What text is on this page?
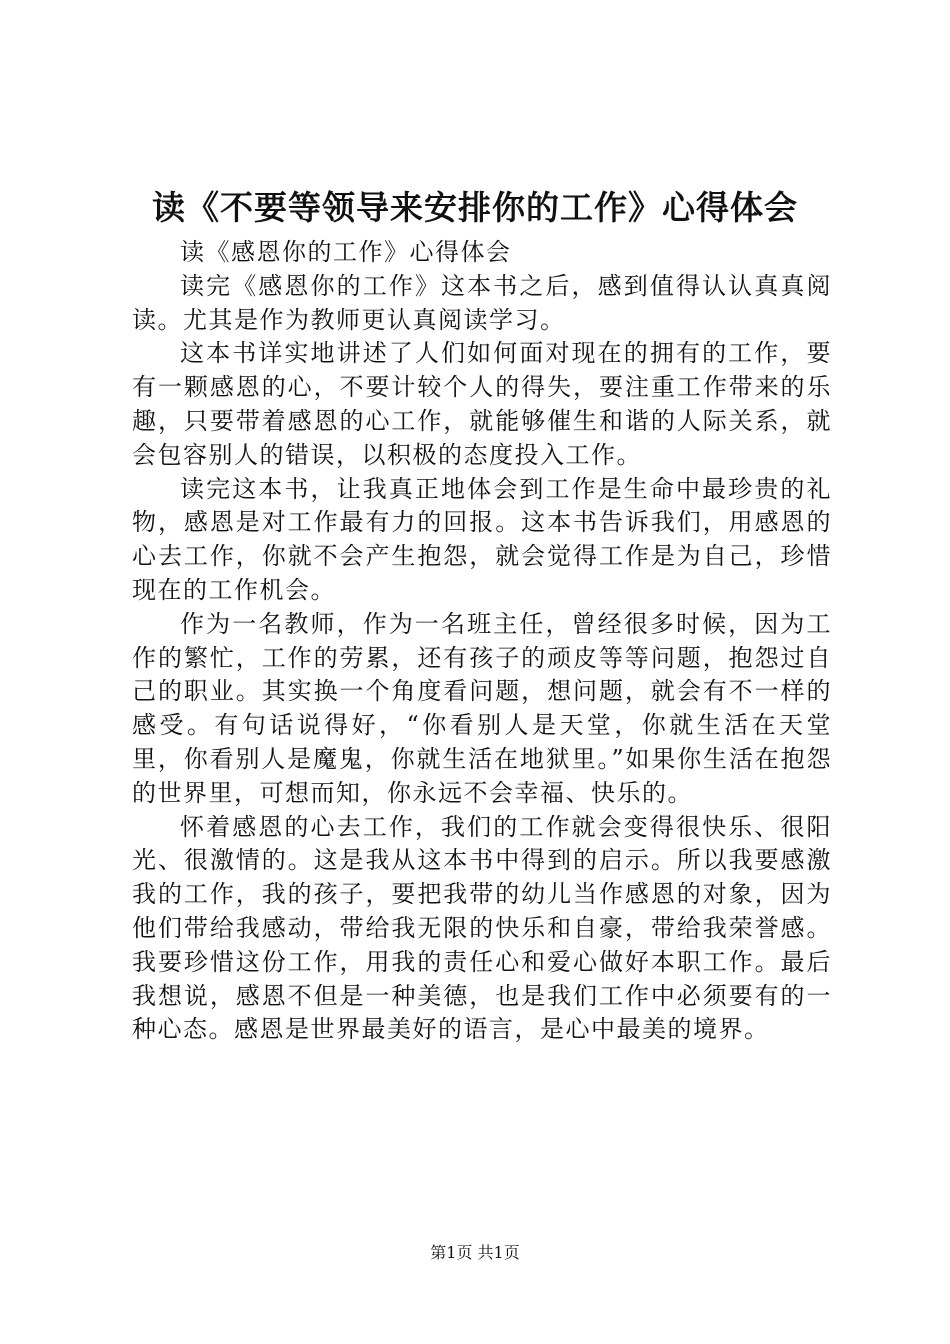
读《不要等领导来安排你的工作》心得体会

读《感恩你的工作》心得体会

读完《感恩你的工作》这本书之后，感到值得认认真真阅读。尤其是作为教师更认真阅读学习。

这本书详实地讲述了人们如何面对现在的拥有的工作，要有一颗感恩的心，不要计较个人的得失，要注重工作带来的乐趣，只要带着感恩的心工作，就能够催生和谐的人际关系，就会包容别人的错误，以积极的态度投入工作。

读完这本书，让我真正地体会到工作是生命中最珍贵的礼物，感恩是对工作最有力的回报。这本书告诉我们，用感恩的心去工作，你就不会产生抱怨，就会觉得工作是为自己，珍惜现在的工作机会。

作为一名教师，作为一名班主任，曾经很多时候，因为工作的繁忙，工作的劳累，还有孩子的顽皮等等问题，抱怨过自己的职业。其实换一个角度看问题，想问题，就会有不一样的感受。有句话说得好，“你看别人是天堂，你就生活在天堂里，你看别人是魔鬼，你就生活在地狱里。”如果你生活在抱怨的世界里，可想而知，你永远不会幸福、快乐的。

怀着感恩的心去工作，我们的工作就会变得很快乐、很阳光、很激情的。这是我从这本书中得到的启示。所以我要感激我的工作，我的孩子，要把我带的幼儿当作感恩的对象，因为他们带给我感动，带给我无限的快乐和自豪，带给我荣誉感。我要珍惜这份工作，用我的责任心和爱心做好本职工作。最后我想说，感恩不但是一种美德，也是我们工作中必须要有的一种心态。感恩是世界最美好的语言，是心中最美的境界。

第1页 共1页
